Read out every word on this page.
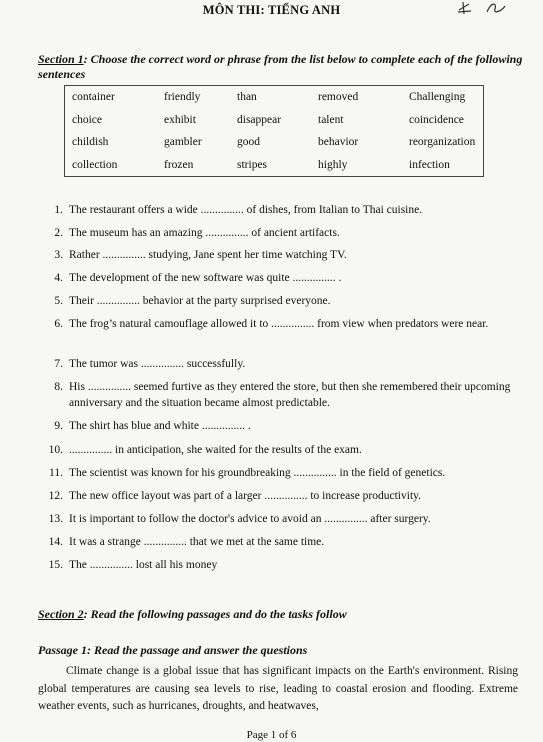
MÔN THI: TIẾNG ANH
Section 1: Choose the correct word or phrase from the list below to complete each of the following sentences
container	friendly	than	removed	Challenging
choice	exhibit	disappear	talent	coincidence
childish	gambler	good	behavior	reorganization
collection	frozen	stripes	highly	infection
1. The restaurant offers a wide ............... of dishes, from Italian to Thai cuisine.
2. The museum has an amazing ............... of ancient artifacts.
3. Rather ............... studying, Jane spent her time watching TV.
4. The development of the new software was quite ............... .
5. Their ............... behavior at the party surprised everyone.
6. The frog’s natural camouflage allowed it to ............... from view when predators were near.
7. The tumor was ............... successfully.
8. His ............... seemed furtive as they entered the store, but then she remembered their upcoming anniversary and the situation became almost predictable.
9. The shirt has blue and white ............... .
10. ............... in anticipation, she waited for the results of the exam.
11. The scientist was known for his groundbreaking ............... in the field of genetics.
12. The new office layout was part of a larger ............... to increase productivity.
13. It is important to follow the doctor's advice to avoid an ............... after surgery.
14. It was a strange ............... that we met at the same time.
15. The ............... lost all his money
Section 2: Read the following passages and do the tasks follow
Passage 1: Read the passage and answer the questions
Climate change is a global issue that has significant impacts on the Earth's environment. Rising global temperatures are causing sea levels to rise, leading to coastal erosion and flooding. Extreme weather events, such as hurricanes, droughts, and heatwaves,
Page 1 of 6
